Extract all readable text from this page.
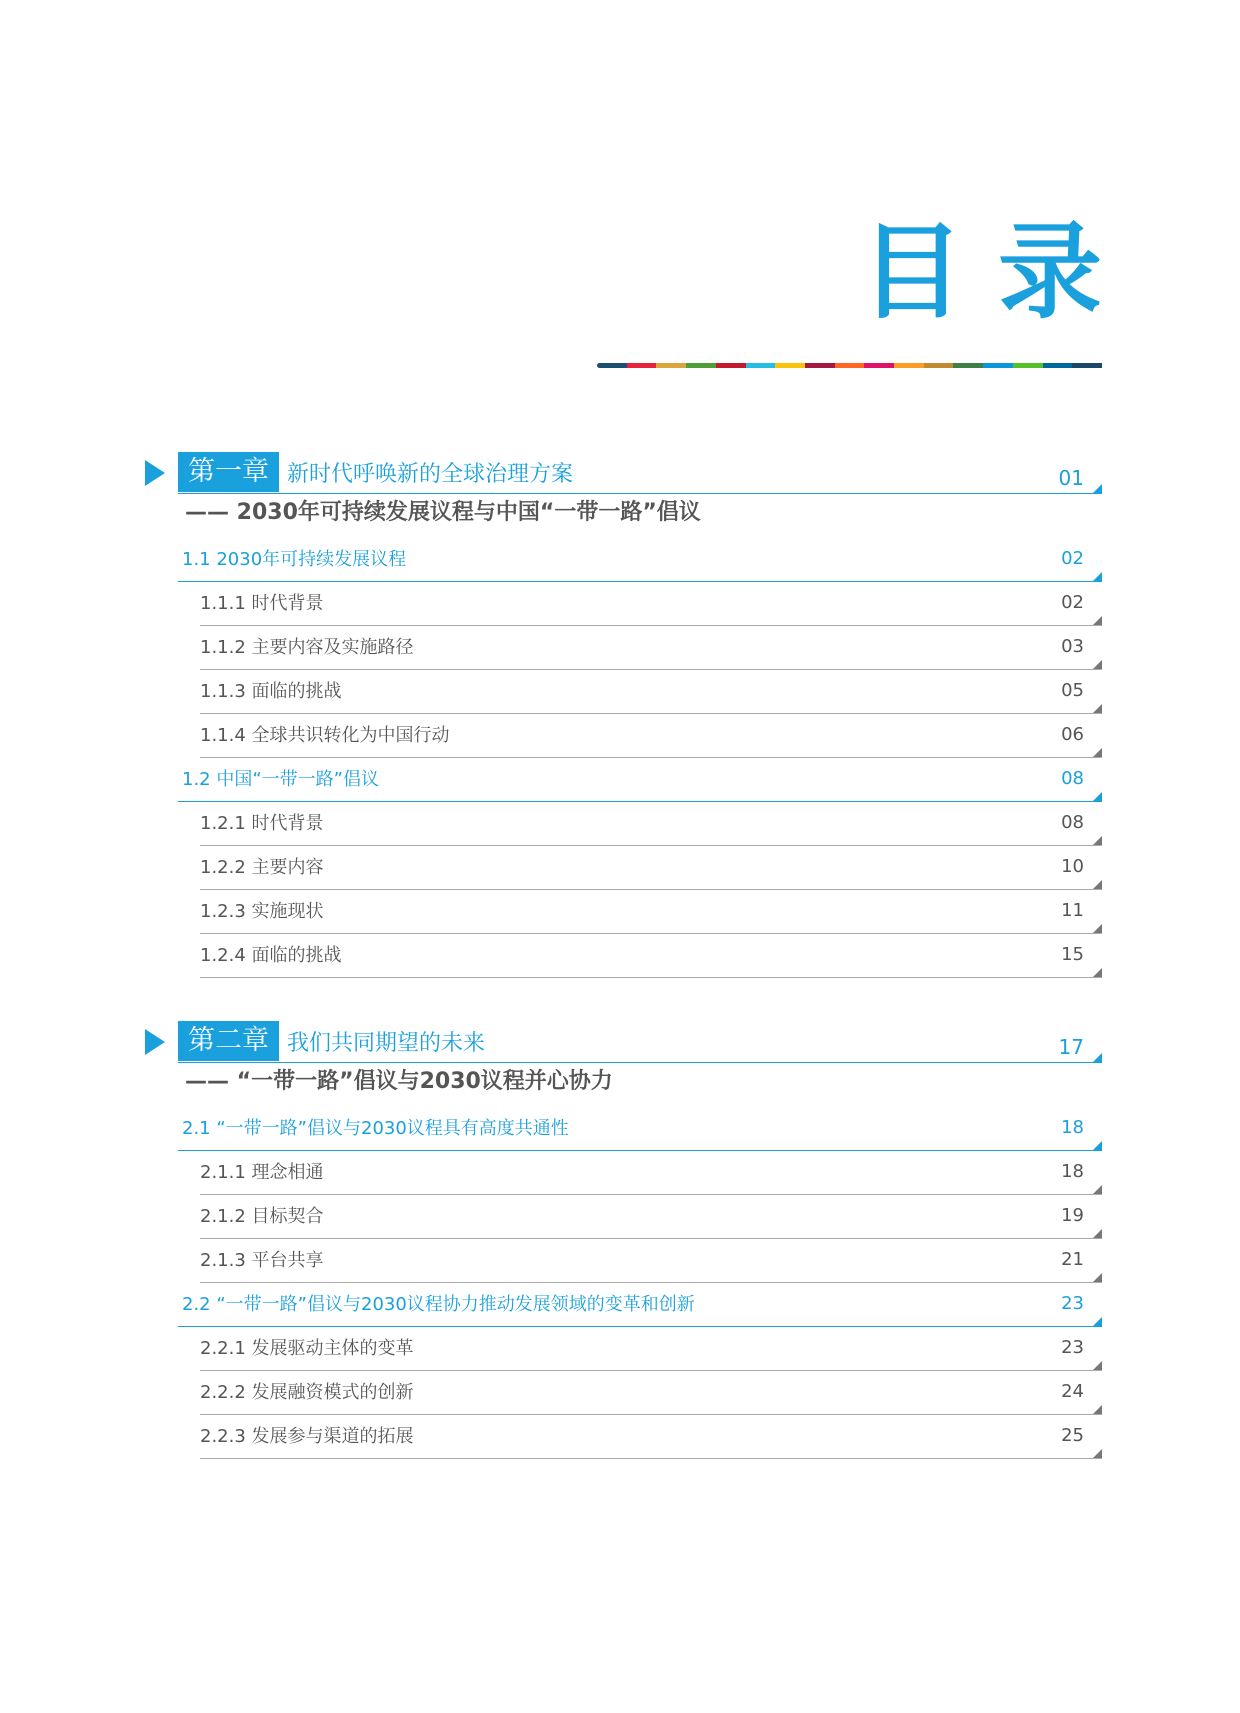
目录
第一章 新时代呼唤新的全球治理方案	01
—— 2030年可持续发展议程与中国“一带一路”倡议
1.1 2030年可持续发展议程	02
1.1.1 时代背景	02
1.1.2 主要内容及实施路径	03
1.1.3 面临的挑战	05
1.1.4 全球共识转化为中国行动	06
1.2 中国“一带一路”倡议	08
1.2.1 时代背景	08
1.2.2 主要内容	10
1.2.3 实施现状	11
1.2.4 面临的挑战	15
第二章 我们共同期望的未来	17
—— “一带一路”倡议与2030议程并心协力
2.1 “一带一路”倡议与2030议程具有高度共通性	18
2.1.1 理念相通	18
2.1.2 目标契合	19
2.1.3 平台共享	21
2.2 “一带一路”倡议与2030议程协力推动发展领域的变革和创新	23
2.2.1 发展驱动主体的变革	23
2.2.2 发展融资模式的创新	24
2.2.3 发展参与渠道的拓展	25
